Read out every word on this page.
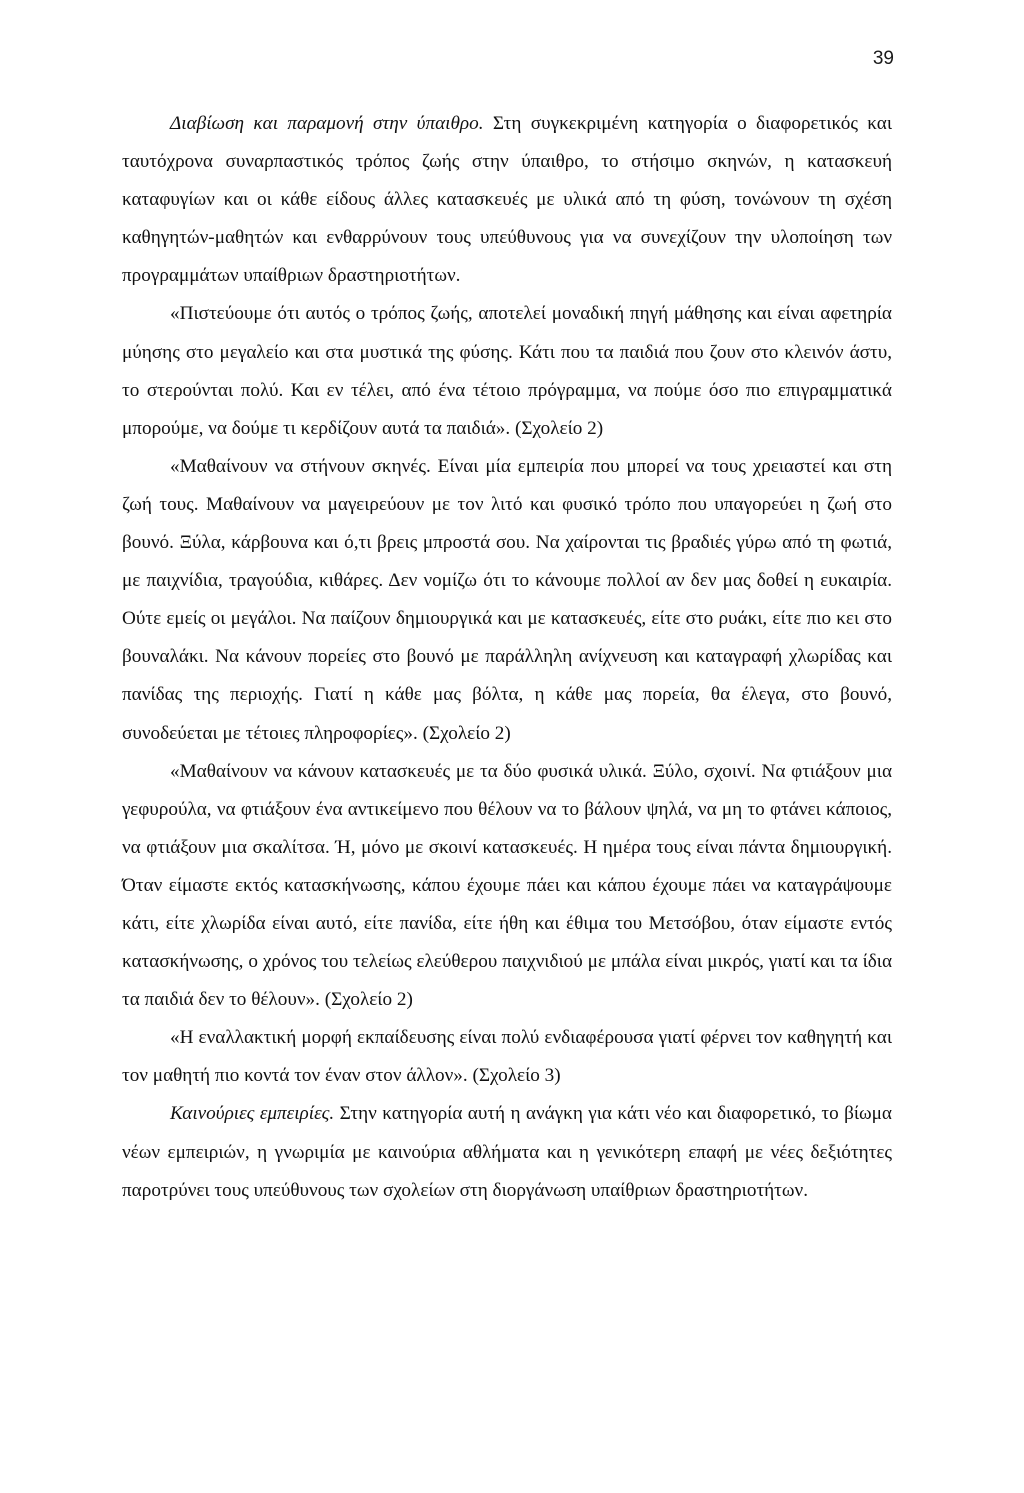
39

Διαβίωση και παραμονή στην ύπαιθρο. Στη συγκεκριμένη κατηγορία ο διαφορετικός και ταυτόχρονα συναρπαστικός τρόπος ζωής στην ύπαιθρο, το στήσιμο σκηνών, η κατασκευή καταφυγίων και οι κάθε είδους άλλες κατασκευές με υλικά από τη φύση, τονώνουν τη σχέση καθηγητών-μαθητών και ενθαρρύνουν τους υπεύθυνους για να συνεχίζουν την υλοποίηση των προγραμμάτων υπαίθριων δραστηριοτήτων.

«Πιστεύουμε ότι αυτός ο τρόπος ζωής, αποτελεί μοναδική πηγή μάθησης και είναι αφετηρία μύησης στο μεγαλείο και στα μυστικά της φύσης. Κάτι που τα παιδιά που ζουν στο κλεινόν άστυ, το στερούνται πολύ. Και εν τέλει, από ένα τέτοιο πρόγραμμα, να πούμε όσο πιο επιγραμματικά μπορούμε, να δούμε τι κερδίζουν αυτά τα παιδιά». (Σχολείο 2)

«Μαθαίνουν να στήνουν σκηνές. Είναι μία εμπειρία που μπορεί να τους χρειαστεί και στη ζωή τους. Μαθαίνουν να μαγειρεύουν με τον λιτό και φυσικό τρόπο που υπαγορεύει η ζωή στο βουνό. Ξύλα, κάρβουνα και ό,τι βρεις μπροστά σου. Να χαίρονται τις βραδιές γύρω από τη φωτιά, με παιχνίδια, τραγούδια, κιθάρες. Δεν νομίζω ότι το κάνουμε πολλοί αν δεν μας δοθεί η ευκαιρία. Ούτε εμείς οι μεγάλοι. Να παίζουν δημιουργικά και με κατασκευές, είτε στο ρυάκι, είτε πιο κει στο βουναλάκι. Να κάνουν πορείες στο βουνό με παράλληλη ανίχνευση και καταγραφή χλωρίδας και πανίδας της περιοχής. Γιατί η κάθε μας βόλτα, η κάθε μας πορεία, θα έλεγα, στο βουνό, συνοδεύεται με τέτοιες πληροφορίες». (Σχολείο 2)

«Μαθαίνουν να κάνουν κατασκευές με τα δύο φυσικά υλικά. Ξύλο, σχοινί. Να φτιάξουν μια γεφυρούλα, να φτιάξουν ένα αντικείμενο που θέλουν να το βάλουν ψηλά, να μη το φτάνει κάποιος, να φτιάξουν μια σκαλίτσα. Ή, μόνο με σκοινί κατασκευές. Η ημέρα τους είναι πάντα δημιουργική. Όταν είμαστε εκτός κατασκήνωσης, κάπου έχουμε πάει και κάπου έχουμε πάει να καταγράψουμε κάτι, είτε χλωρίδα είναι αυτό, είτε πανίδα, είτε ήθη και έθιμα του Μετσόβου, όταν είμαστε εντός κατασκήνωσης, ο χρόνος του τελείως ελεύθερου παιχνιδιού με μπάλα είναι μικρός, γιατί και τα ίδια τα παιδιά δεν το θέλουν». (Σχολείο 2)

«Η εναλλακτική μορφή εκπαίδευσης είναι πολύ ενδιαφέρουσα γιατί φέρνει τον καθηγητή και τον μαθητή πιο κοντά τον έναν στον άλλον». (Σχολείο 3)

Καινούριες εμπειρίες. Στην κατηγορία αυτή η ανάγκη για κάτι νέο και διαφορετικό, το βίωμα νέων εμπειριών, η γνωριμία με καινούρια αθλήματα και η γενικότερη επαφή με νέες δεξιότητες παροτρύνει τους υπεύθυνους των σχολείων στη διοργάνωση υπαίθριων δραστηριοτήτων.
